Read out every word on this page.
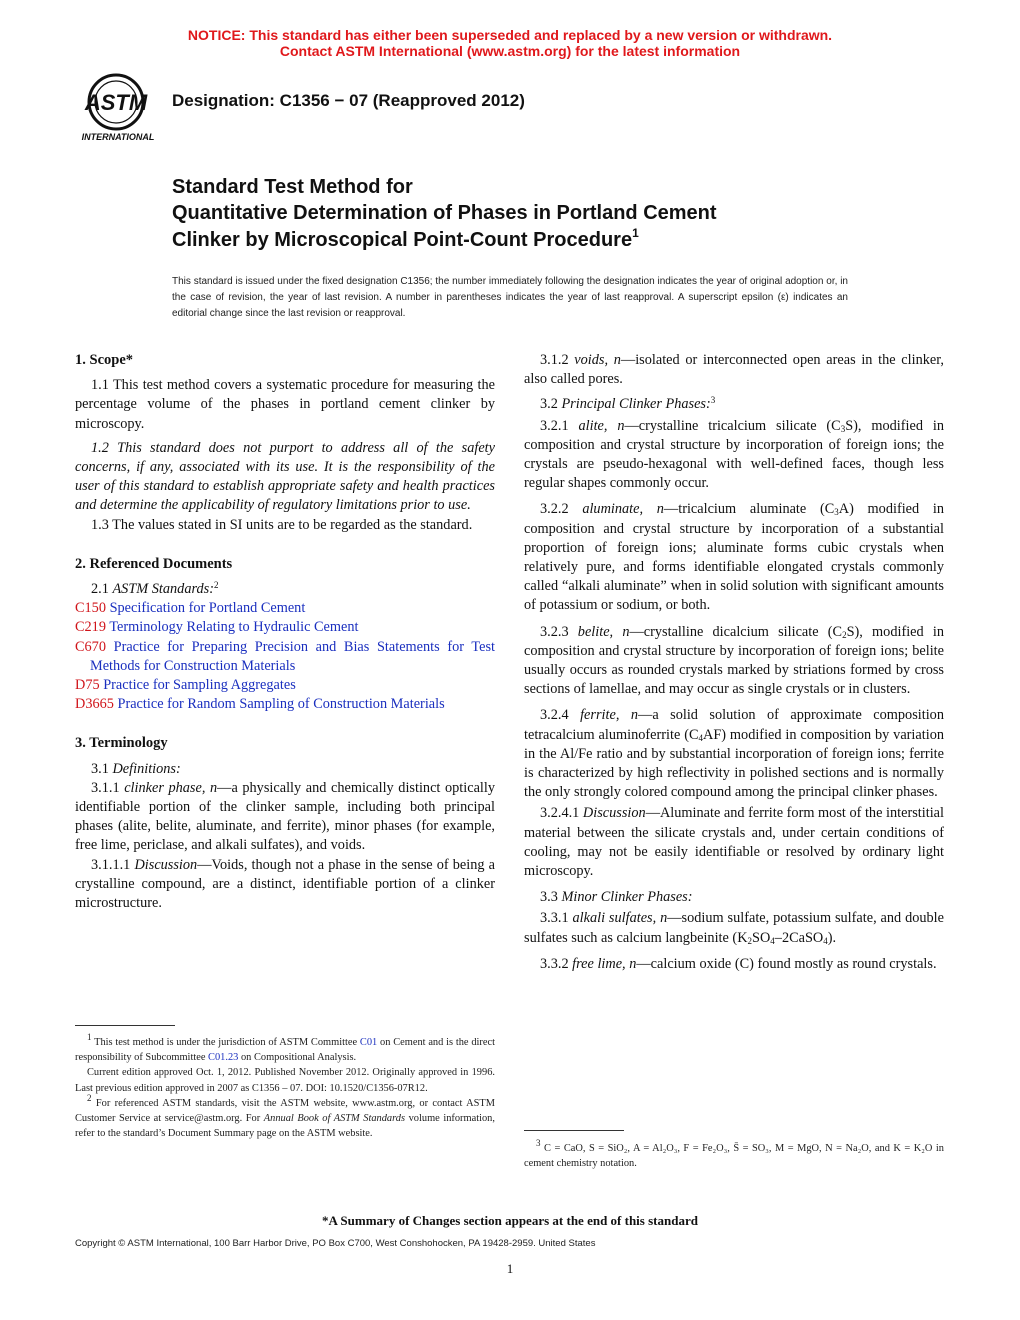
NOTICE: This standard has either been superseded and replaced by a new version or withdrawn.
Contact ASTM International (www.astm.org) for the latest information
ASTM
INTERNATIONAL
Designation: C1356 − 07 (Reapproved 2012)
Standard Test Method for
Quantitative Determination of Phases in Portland Cement
Clinker by Microscopical Point-Count Procedure$^1$
This standard is issued under the fixed designation C1356; the number immediately following the designation indicates the year of original adoption or, in the case of revision, the year of last revision. A number in parentheses indicates the year of last reapproval. A superscript epsilon (ε) indicates an editorial change since the last revision or reapproval.

1. Scope*

1.1 This test method covers a systematic procedure for measuring the percentage volume of the phases in portland cement clinker by microscopy.

1.2 This standard does not purport to address all of the safety concerns, if any, associated with its use. It is the responsibility of the user of this standard to establish appropriate safety and health practices and determine the applicability of regulatory limitations prior to use.

1.3 The values stated in SI units are to be regarded as the standard.

2. Referenced Documents

2.1 ASTM Standards:$^2$

C150 Specification for Portland Cement

C219 Terminology Relating to Hydraulic Cement

C670 Practice for Preparing Precision and Bias Statements for Test Methods for Construction Materials

D75 Practice for Sampling Aggregates

D3665 Practice for Random Sampling of Construction Materials

3. Terminology

3.1 Definitions:

3.1.1 clinker phase, n—a physically and chemically distinct optically identifiable portion of the clinker sample, including both principal phases (alite, belite, aluminate, and ferrite), minor phases (for example, free lime, periclase, and alkali sulfates), and voids.

3.1.1.1 Discussion—Voids, though not a phase in the sense of being a crystalline compound, are a distinct, identifiable portion of a clinker microstructure.

$^1$ This test method is under the jurisdiction of ASTM Committee C01 on Cement and is the direct responsibility of Subcommittee C01.23 on Compositional Analysis.

Current edition approved Oct. 1, 2012. Published November 2012. Originally approved in 1996. Last previous edition approved in 2007 as C1356 – 07. DOI: 10.1520/C1356-07R12.

$^2$ For referenced ASTM standards, visit the ASTM website, www.astm.org, or contact ASTM Customer Service at service@astm.org. For Annual Book of ASTM Standards volume information, refer to the standard’s Document Summary page on the ASTM website.

3.1.2 voids, n—isolated or interconnected open areas in the clinker, also called pores.

3.2 Principal Clinker Phases:$^3$

3.2.1 alite, n—crystalline tricalcium silicate $(C_3S)$, modified in composition and crystal structure by incorporation of foreign ions; the crystals are pseudo-hexagonal with well-defined faces, though less regular shapes commonly occur.

3.2.2 aluminate, n—tricalcium aluminate $(C_3A)$ modified in composition and crystal structure by incorporation of a substantial proportion of foreign ions; aluminate forms cubic crystals when relatively pure, and forms identifiable elongated crystals commonly called “alkali aluminate” when in solid solution with significant amounts of potassium or sodium, or both.

3.2.3 belite, n—crystalline dicalcium silicate $(C_2S)$, modified in composition and crystal structure by incorporation of foreign ions; belite usually occurs as rounded crystals marked by striations formed by cross sections of lamellae, and may occur as single crystals or in clusters.

3.2.4 ferrite, n—a solid solution of approximate composition tetracalcium aluminoferrite $(C_4AF)$ modified in composition by variation in the Al/Fe ratio and by substantial incorporation of foreign ions; ferrite is characterized by high reflectivity in polished sections and is normally the only strongly colored compound among the principal clinker phases.

3.2.4.1 Discussion—Aluminate and ferrite form most of the interstitial material between the silicate crystals and, under certain conditions of cooling, may not be easily identifiable or resolved by ordinary light microscopy.

3.3 Minor Clinker Phases:

3.3.1 alkali sulfates, n—sodium sulfate, potassium sulfate, and double sulfates such as calcium langbeinite $(K_2SO_4-2CaSO_4)$.

3.3.2 free lime, n—calcium oxide (C) found mostly as round crystals.

$^3$ C = CaO, S = SiO₂, A = Al₂O₃, F = Fe₂O₃, S̄ = SO₃, M = MgO, N = Na₂O, and K = K₂O in cement chemistry notation.

*A Summary of Changes section appears at the end of this standard
Copyright © ASTM International, 100 Barr Harbor Drive, PO Box C700, West Conshohocken, PA 19428-2959. United States
1
